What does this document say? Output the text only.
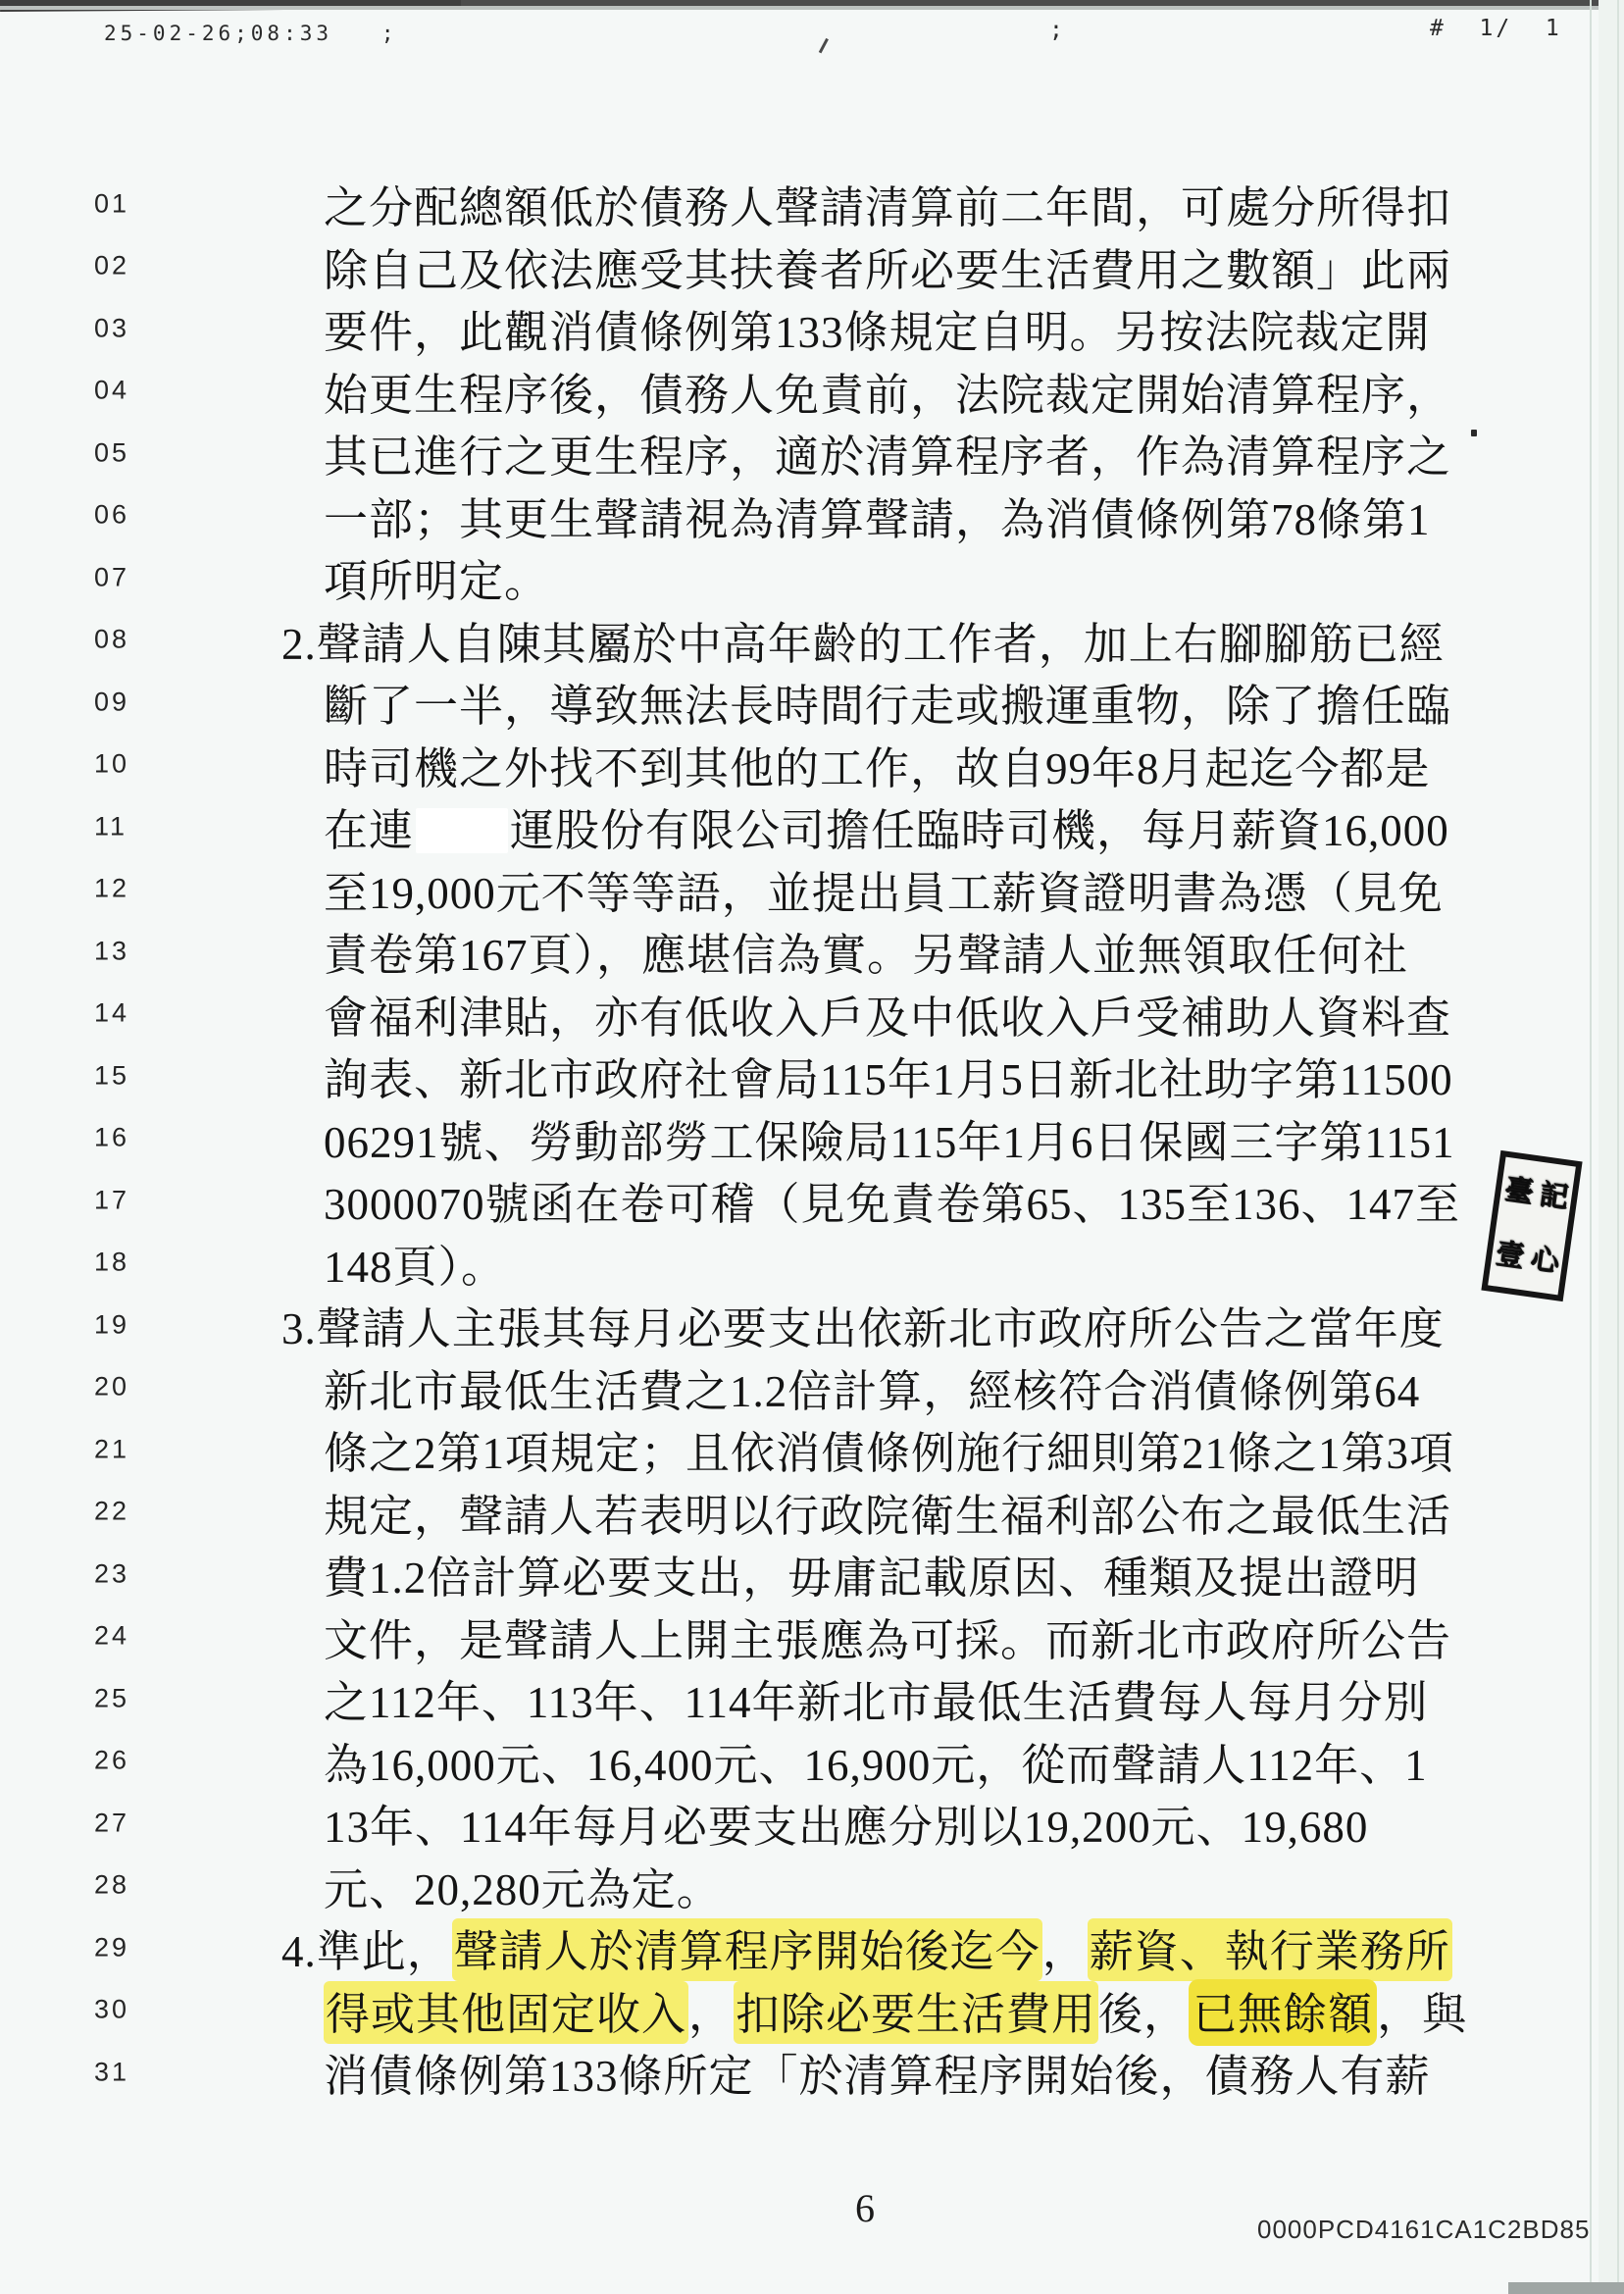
25-02-26;08:33   ;	;	#  1/  1
臺 記
壹 心
01	之分配總額低於債務人聲請清算前二年間，可處分所得扣
02	除自己及依法應受其扶養者所必要生活費用之數額」此兩
03	要件，此觀消債條例第133條規定自明。另按法院裁定開
04	始更生程序後，債務人免責前，法院裁定開始清算程序，
05	其已進行之更生程序，適於清算程序者，作為清算程序之
06	一部；其更生聲請視為清算聲請，為消債條例第78條第1
07	項所明定。
08	2.聲請人自陳其屬於中高年齡的工作者，加上右腳腳筋已經
09	斷了一半，導致無法長時間行走或搬運重物，除了擔任臨
10	時司機之外找不到其他的工作，故自99年8月起迄今都是
11	在連 運股份有限公司擔任臨時司機，每月薪資16,000
12	至19,000元不等等語，並提出員工薪資證明書為憑（見免
13	責卷第167頁），應堪信為實。另聲請人並無領取任何社
14	會福利津貼，亦有低收入戶及中低收入戶受補助人資料查
15	詢表、新北市政府社會局115年1月5日新北社助字第11500
16	06291號、勞動部勞工保險局115年1月6日保國三字第1151
17	3000070號函在卷可稽（見免責卷第65、135至136、147至
18	148頁）。
19	3.聲請人主張其每月必要支出依新北市政府所公告之當年度
20	新北市最低生活費之1.2倍計算，經核符合消債條例第64
21	條之2第1項規定；且依消債條例施行細則第21條之1第3項
22	規定，聲請人若表明以行政院衛生福利部公布之最低生活
23	費1.2倍計算必要支出，毋庸記載原因、種類及提出證明
24	文件，是聲請人上開主張應為可採。而新北市政府所公告
25	之112年、113年、114年新北市最低生活費每人每月分別
26	為16,000元、16,400元、16,900元，從而聲請人112年、1
27	13年、114年每月必要支出應分別以19,200元、19,680
28	元、20,280元為定。
29	4.準此，聲請人於清算程序開始後迄今，薪資、執行業務所
30	得或其他固定收入，扣除必要生活費用後，已無餘額，與
31	消債條例第133條所定「於清算程序開始後，債務人有薪
6	0000PCD4161CA1C2BD85
